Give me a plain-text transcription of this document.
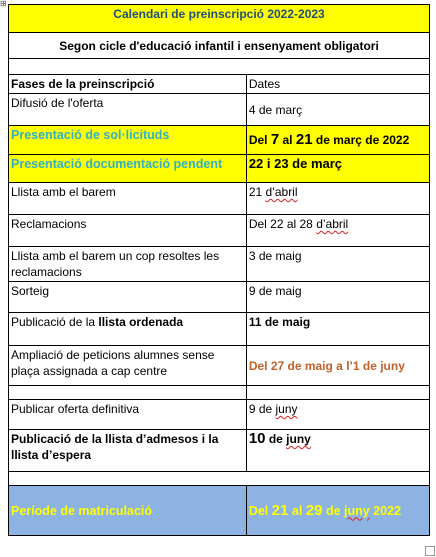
⊞
Calendari de preinscripció 2022-2023	
Segon cicle d'educació infantil i ensenyament obligatori	

Fases de la preinscripció	Dates
Difusió de l'oferta	4 de març
Presentació de sol·licituds	Del 7 al 21 de març de 2022
Presentació documentació pendent	22 i 23 de març
Llista amb el barem	21 d’abril
Reclamacions	Del 22 al 28 d’abril
Llista amb el barem un cop resoltes les reclamacions	3 de maig
Sorteig	9 de maig
Publicació de la llista ordenada	11 de maig
Ampliació de peticions alumnes sense plaça assignada a cap centre	Del 27 de maig a l’1 de juny

Publicar oferta definitiva	9 de juny
Publicació de la llista d’admesos i la llista d’espera	10 de juny

Període de matriculació	Del 21 al 29 de juny 2022
